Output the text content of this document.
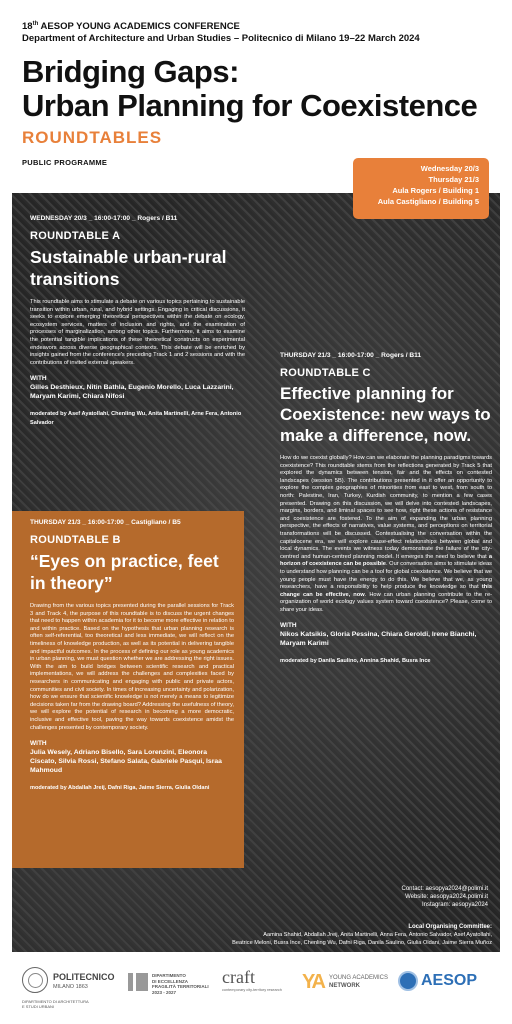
18th AESOP YOUNG ACADEMICS CONFERENCE
Department of Architecture and Urban Studies – Politecnico di Milano 19–22 March 2024
Bridging Gaps:
Urban Planning for Coexistence
ROUNDTABLES
PUBLIC PROGRAMME
Wednesday 20/3
Thursday 21/3
Aula Rogers / Building 1
Aula Castigliano / Building 5
WEDNESDAY 20/3 _ 16:00-17:00 _ Rogers / B11
ROUNDTABLE A
Sustainable urban-rural transitions
This roundtable aims to stimulate a debate on various topics pertaining to sustainable transition within urban, rural, and hybrid settings. Engaging in critical discussions, it seeks to explore emerging theoretical perspectives within the debate on ecology, ecosystem services, matters of inclusion and rights, and the examination of processes of marginalization, among other topics. Furthermore, it aims to examine the potential tangible implications of these theoretical constructs on experimental endeavors across diverse geographical contexts. This debate will be enriched by insights gained from the conference's preceding Track 1 and 2 sessions and with the contributions of invited external speakers.
WITH
Gilles Desthieux, Nitin Bathla, Eugenio Morello, Luca Lazzarini, Maryam Karimi, Chiara Nifosi
moderated by Asef Ayatollahi, Chenling Wu, Anita Martinelli, Arne Fera, Antonio Salvador
THURSDAY 21/3 _ 16:00-17:00 _ Castigliano / B5
ROUNDTABLE B
“Eyes on practice, feet in theory”
Drawing from the various topics presented during the parallel sessions for Track 3 and Track 4, the purpose of this roundtable is to discuss the urgent changes that need to happen within academia for it to become more effective in relation to and within practice. Based on the hypothesis that urban planning research is often self-referential, too theoretical and less immediate, we will reflect on the timeliness of knowledge production, as well as its potential in delivering tangible and impactful outcomes. In the process of defining our role as young academics in urban planning, we must question whether we are addressing the right issues. With the aim to build bridges between scientific research and practical implementations, we will address the challenges and complexities faced by researchers in communicating and engaging with public and private actors, communities and civil society. In times of increasing uncertainty and polarization, how do we ensure that scientific knowledge is not merely a means to legitimize decisions taken far from the drawing board? Addressing the usefulness of theory, we will explore the potential of research in becoming a more democratic, inclusive and effective tool, paving the way towards coexistence amidst the challenges presented by contemporary society.
WITH
Julia Wesely, Adriano Bisello, Sara Lorenzini, Eleonora Ciscato, Silvia Rossi, Stefano Salata, Gabriele Pasqui, Israa Mahmoud
moderated by Abdallah Jreij, Dafni Riga, Jaime Sierra, Giulia Oldani
THURSDAY 21/3 _ 16:00-17:00 _ Rogers / B11
ROUNDTABLE C
Effective planning for Coexistence: new ways to make a difference, now.
How do we coexist globally? How can we elaborate the planning paradigms towards coexistence? This roundtable stems from the reflections generated by Track 5 that explored the dynamics between tension, fair and the effects on contested landscapes (session 5B). The contributions presented in it offer an opportunity to explore the complex geographies of minorities from east to west, from south to north: Palestine, Iran, Turkey, Kurdish community, to mention a few cases presented. Drawing on this discussion, we will delve into contested landscapes, margins, borders, and liminal spaces to see how, right these actions of resistance and coexistence are fostered. To the aim of expanding the urban planning perspective, the effects of narratives, value systems, and perceptions on territorial transformations will be discussed. Contextualising the conversation within the capitalocene era, we will explore cause-effect relationships between global and local dynamics. The events we witness today demonstrate the failure of the city-centred and human-centred planning model. It emerges the need to believe that a horizon of coexistence can be possible. Our conversation aims to stimulate ideas to understand how planning can be a tool for global coexistence. We believe that we young people must have the energy to do this. We believe that we, as young researchers, have a responsibility to help produce the knowledge so that this change can be effective, now. How can urban planning contribute to the re-organization of world ecology values system toward coexistence? Please, come to share your ideas.
WITH
Nikos Katsikis, Gloria Pessina, Chiara Geroldi, Irene Bianchi, Maryam Karimi
moderated by Danila Saulino, Annina Shahid, Busra Ince
Contact: aesopya2024@polimi.it
Website: aesopya2024.polimi.it
Instagram: aesopya2024
Local Organising Committee:
Aamina Shahid, Abdallah Jreij, Anita Martinelli, Anna Fera, Antonio Salvador, Asef Ayatollahi,
Beatrice Meloni, Busra Ince, Chenling Wu, Dafni Riga, Danila Saulino, Giulia Oldani, Jaime Sierra Muñoz
POLITECNICO
MILANO 1863
DIPARTIMENTO DI ARCHITETTURA E STUDI URBANI
DIPARTIMENTO
DI ECCELLENZA
FRAGILITÀ TERRITORIALI
2023 - 2027
craft
contemporary city-territory research YA YOUNG ACADEMICS
NETWORK	AESOP
